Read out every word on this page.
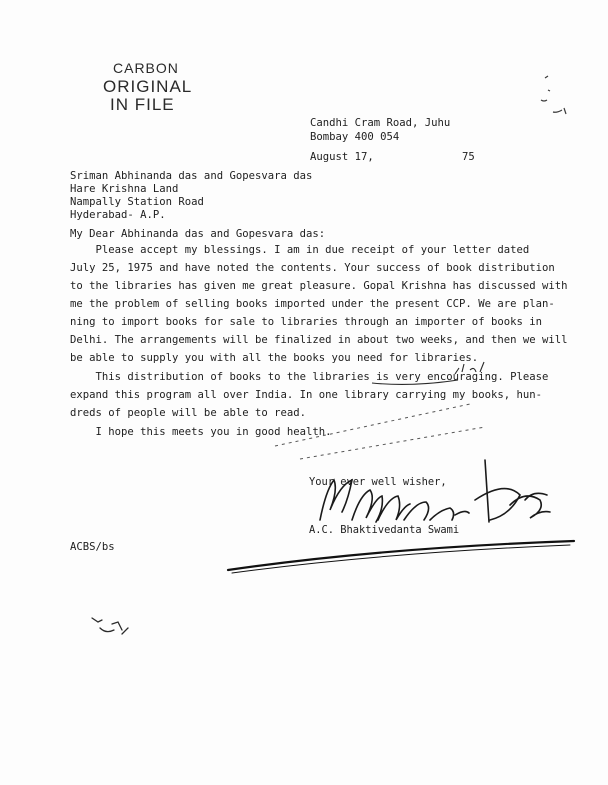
CARBON
ORIGINAL
IN FILE
Candhi Cram Road, Juhu
Bombay 400 054
August 17,	75
Sriman Abhinanda das and Gopesvara das
Hare Krishna Land
Nampally Station Road
Hyderabad- A.P.
My Dear Abhinanda das and Gopesvara das:
Please accept my blessings. I am in due receipt of your letter dated
July 25, 1975 and have noted the contents. Your success of book distribution
to the libraries has given me great pleasure. Gopal Krishna has discussed with
me the problem of selling books imported under the present CCP. We are plan-
ning to import books for sale to libraries through an importer of books in
Delhi. The arrangements will be finalized in about two weeks, and then we will
be able to supply you with all the books you need for libraries.
This distribution of books to the libraries is very encouraging. Please
expand this program all over India. In one library carrying my books, hun-
dreds of people will be able to read.
I hope this meets you in good health.
Your ever well wisher,
A.C. Bhaktivedanta Swami
ACBS/bs
